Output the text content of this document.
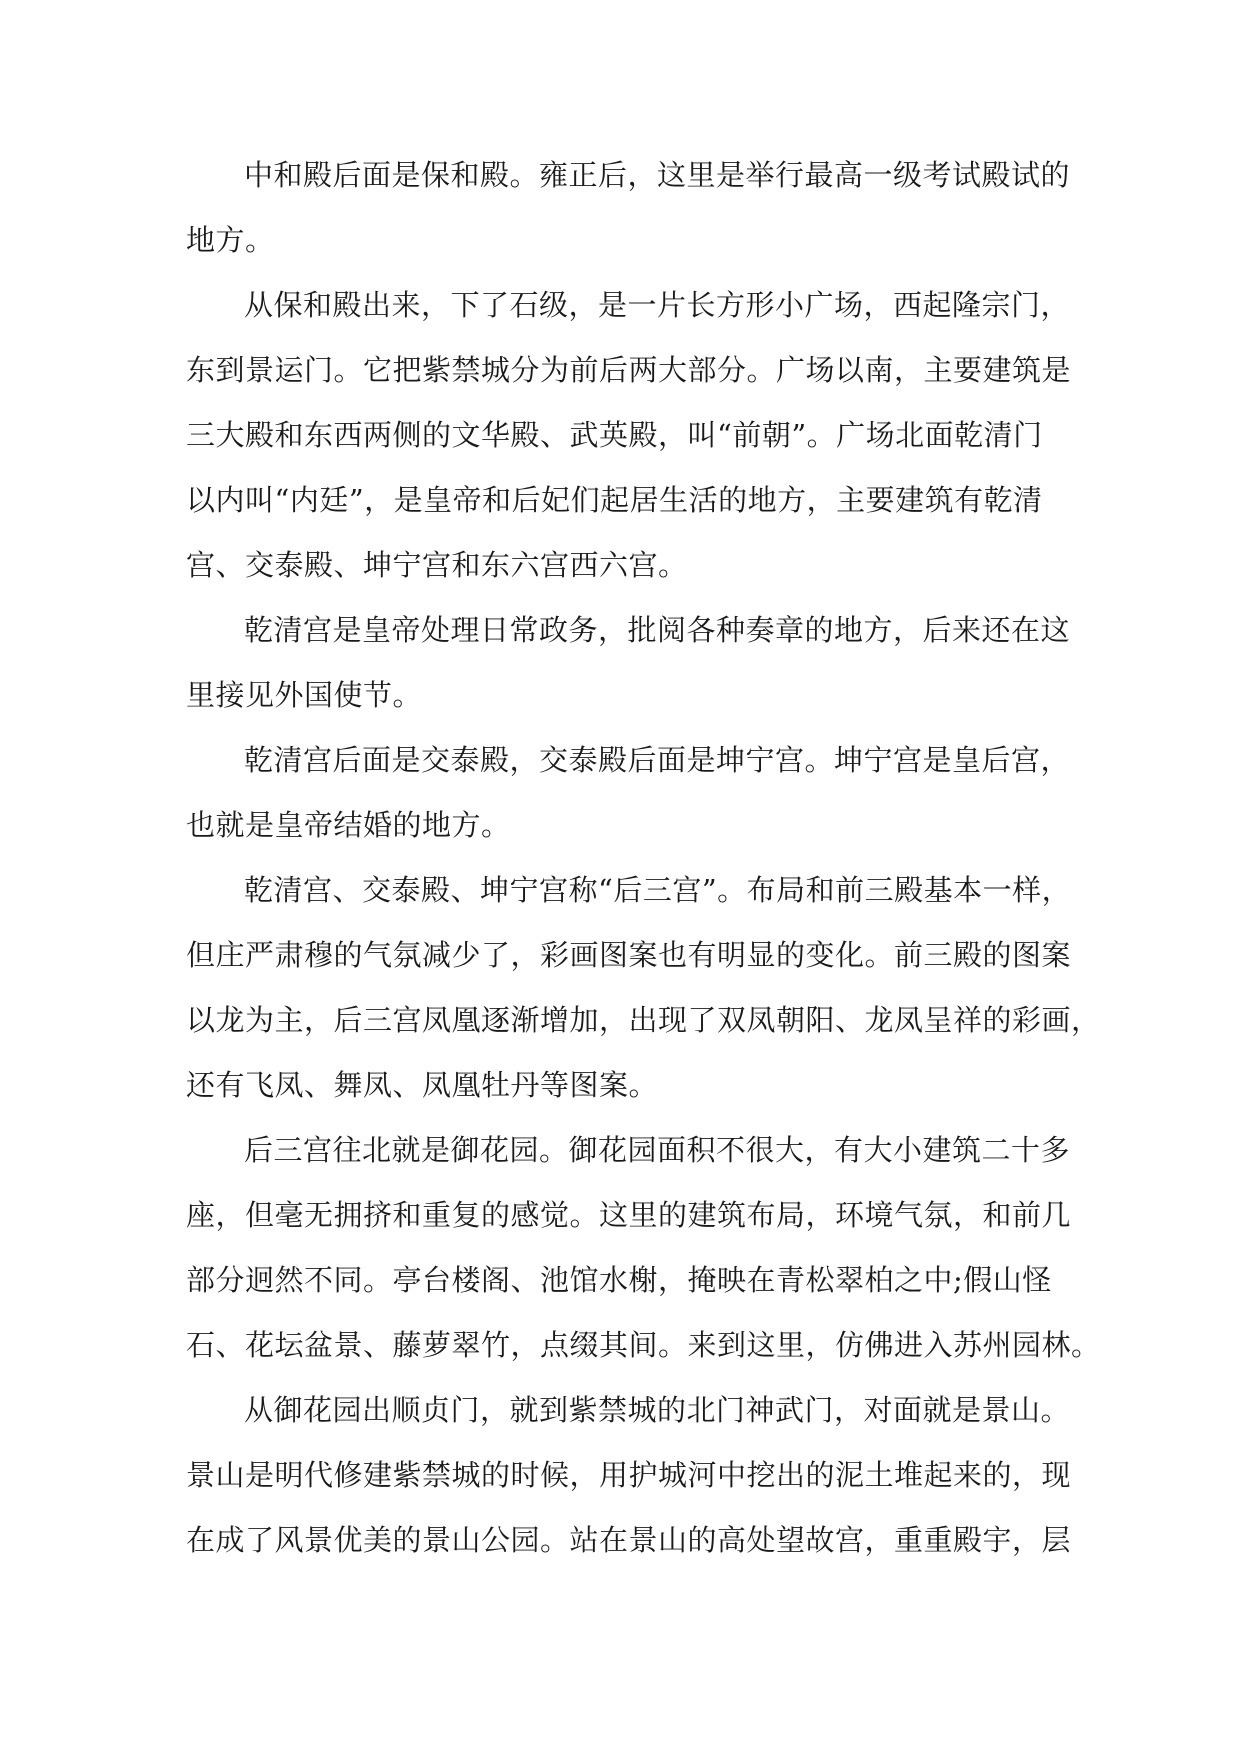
中和殿后面是保和殿。雍正后，这里是举行最高一级考试殿试的
地方。

从保和殿出来，下了石级，是一片长方形小广场，西起隆宗门，
东到景运门。它把紫禁城分为前后两大部分。广场以南，主要建筑是
三大殿和东西两侧的文华殿、武英殿，叫“前朝”。广场北面乾清门
以内叫“内廷”，是皇帝和后妃们起居生活的地方，主要建筑有乾清
宫、交泰殿、坤宁宫和东六宫西六宫。

乾清宫是皇帝处理日常政务，批阅各种奏章的地方，后来还在这
里接见外国使节。

乾清宫后面是交泰殿，交泰殿后面是坤宁宫。坤宁宫是皇后宫，
也就是皇帝结婚的地方。

乾清宫、交泰殿、坤宁宫称“后三宫”。布局和前三殿基本一样，
但庄严肃穆的气氛减少了，彩画图案也有明显的变化。前三殿的图案
以龙为主，后三宫凤凰逐渐增加，出现了双凤朝阳、龙凤呈祥的彩画，
还有飞凤、舞凤、凤凰牡丹等图案。

后三宫往北就是御花园。御花园面积不很大，有大小建筑二十多
座，但毫无拥挤和重复的感觉。这里的建筑布局，环境气氛，和前几
部分迥然不同。亭台楼阁、池馆水榭，掩映在青松翠柏之中;假山怪
石、花坛盆景、藤萝翠竹，点缀其间。来到这里，仿佛进入苏州园林。

从御花园出顺贞门，就到紫禁城的北门神武门，对面就是景山。
景山是明代修建紫禁城的时候，用护城河中挖出的泥土堆起来的，现
在成了风景优美的景山公园。站在景山的高处望故宫，重重殿宇，层
